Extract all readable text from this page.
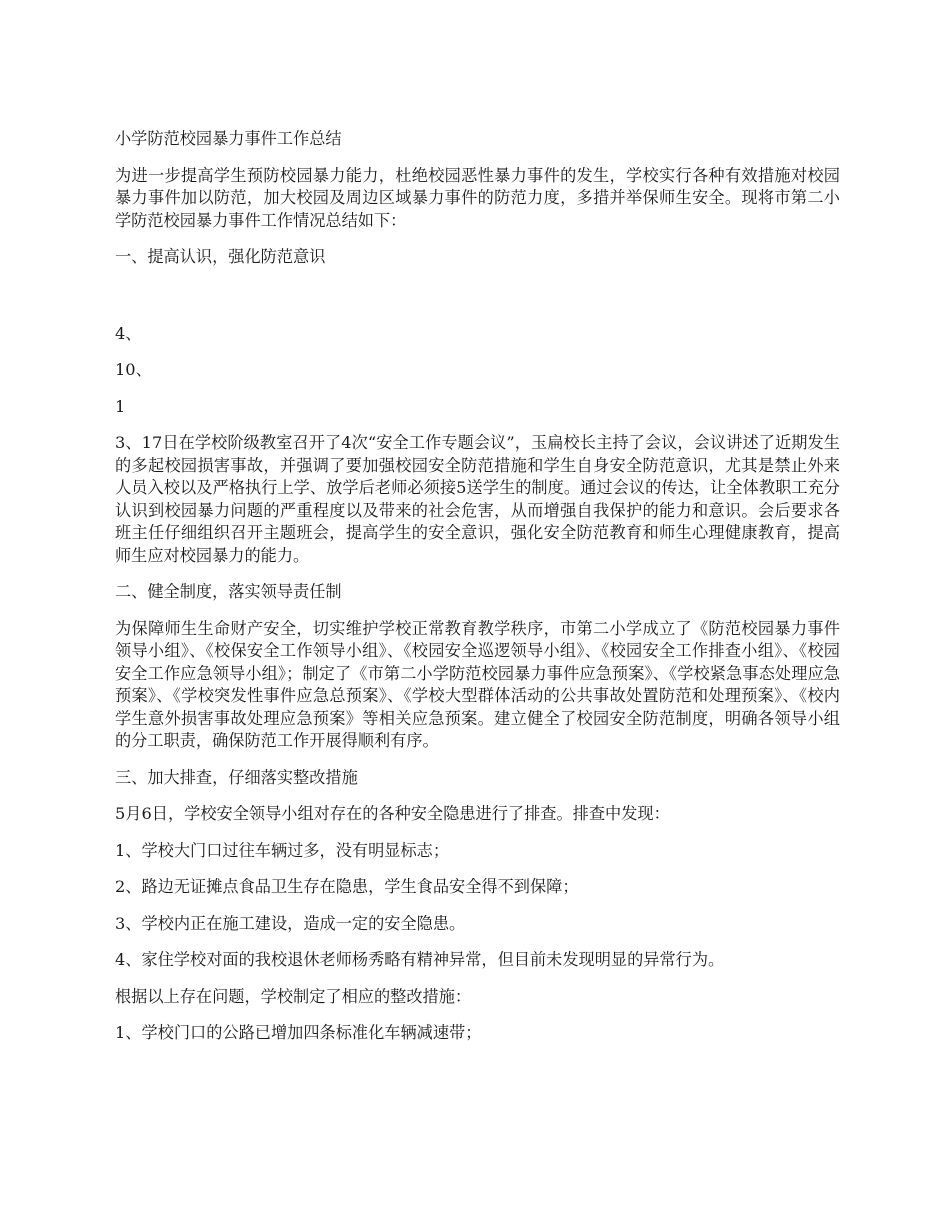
小学防范校园暴力事件工作总结

为进一步提高学生预防校园暴力能力，杜绝校园恶性暴力事件的发生，学校实行各种有效措施对校园暴力事件加以防范，加大校园及周边区域暴力事件的防范力度，多措并举保师生安全。现将市第二小学防范校园暴力事件工作情况总结如下：

一、提高认识，强化防范意识

4、

10、

1

3、17日在学校阶级教室召开了4次“安全工作专题会议”，玉扁校长主持了会议，会议讲述了近期发生的多起校园损害事故，并强调了要加强校园安全防范措施和学生自身安全防范意识，尤其是禁止外来人员入校以及严格执行上学、放学后老师必须接5送学生的制度。通过会议的传达，让全体教职工充分认识到校园暴力问题的严重程度以及带来的社会危害，从而增强自我保护的能力和意识。会后要求各班主任仔细组织召开主题班会，提高学生的安全意识，强化安全防范教育和师生心理健康教育，提高师生应对校园暴力的能力。

二、健全制度，落实领导责任制

为保障师生生命财产安全，切实维护学校正常教育教学秩序，市第二小学成立了《防范校园暴力事件领导小组》、《校保安全工作领导小组》、《校园安全巡逻领导小组》、《校园安全工作排查小组》、《校园安全工作应急领导小组》；制定了《市第二小学防范校园暴力事件应急预案》、《学校紧急事态处理应急预案》、《学校突发性事件应急总预案》、《学校大型群体活动的公共事故处置防范和处理预案》、《校内学生意外损害事故处理应急预案》等相关应急预案。建立健全了校园安全防范制度，明确各领导小组的分工职责，确保防范工作开展得顺利有序。

三、加大排查，仔细落实整改措施

5月6日，学校安全领导小组对存在的各种安全隐患进行了排查。排查中发现：

1、学校大门口过往车辆过多，没有明显标志；

2、路边无证摊点食品卫生存在隐患，学生食品安全得不到保障；

3、学校内正在施工建设，造成一定的安全隐患。

4、家住学校对面的我校退休老师杨秀略有精神异常，但目前未发现明显的异常行为。

根据以上存在问题，学校制定了相应的整改措施：

1、学校门口的公路已增加四条标准化车辆减速带；
